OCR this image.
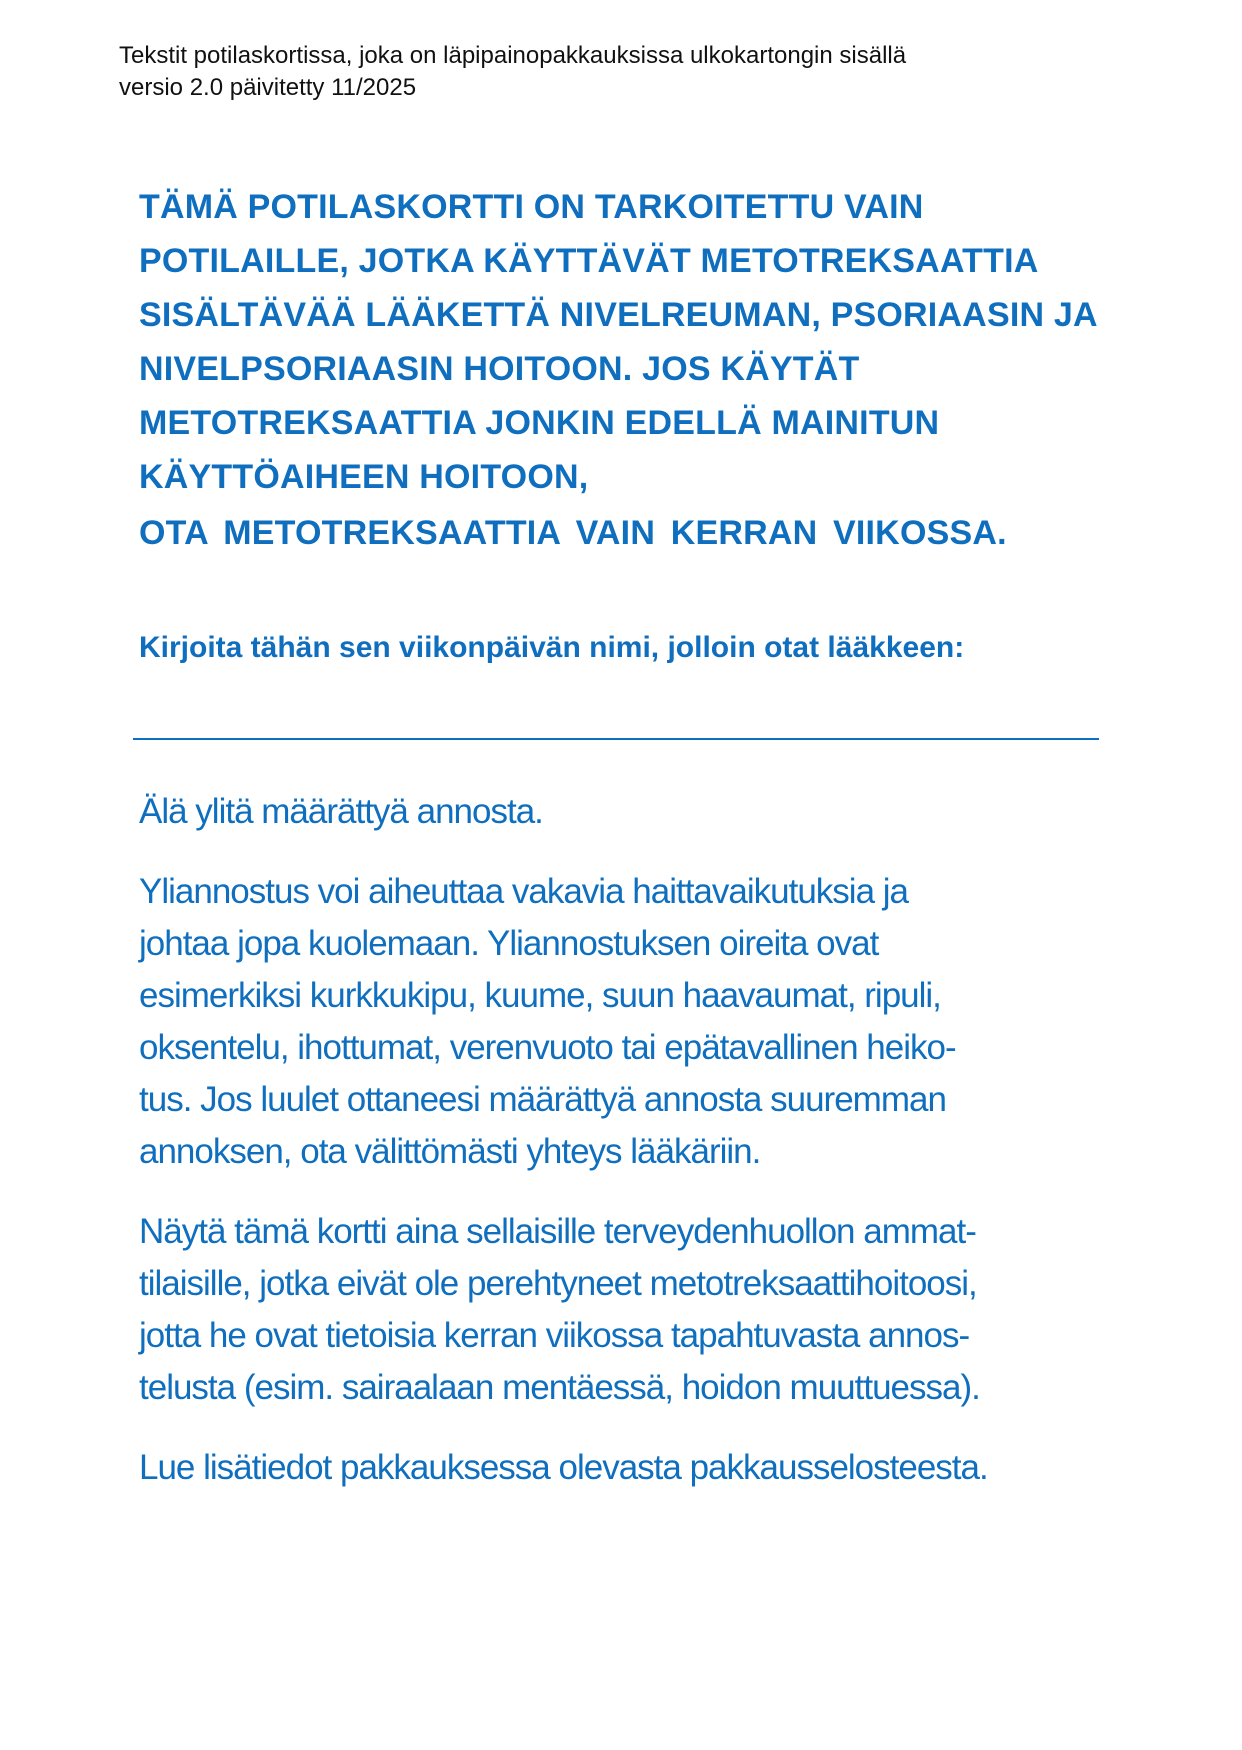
Tekstit potilaskortissa, joka on läpipainopakkauksissa ulkokartongin sisällä
versio 2.0 päivitetty 11/2025
TÄMÄ POTILASKORTTI ON TARKOITETTU VAIN
POTILAILLE, JOTKA KÄYTTÄVÄT METOTREKSAATTIA
SISÄLTÄVÄÄ LÄÄKETTÄ NIVELREUMAN, PSORIAASIN JA
NIVELPSORIAASIN HOITOON. JOS KÄYTÄT
METOTREKSAATTIA JONKIN EDELLÄ MAINITUN
KÄYTTÖAIHEEN HOITOON,
OTA METOTREKSAATTIA VAIN KERRAN VIIKOSSA.
Kirjoita tähän sen viikonpäivän nimi, jolloin otat lääkkeen:

Älä ylitä määrättyä annosta.

Yliannostus voi aiheuttaa vakavia haittavaikutuksia ja
johtaa jopa kuolemaan. Yliannostuksen oireita ovat
esimerkiksi kurkkukipu, kuume, suun haavaumat, ripuli,
oksentelu, ihottumat, verenvuoto tai epätavallinen heiko-
tus. Jos luulet ottaneesi määrättyä annosta suuremman
annoksen, ota välittömästi yhteys lääkäriin.

Näytä tämä kortti aina sellaisille terveydenhuollon ammat-
tilaisille, jotka eivät ole perehtyneet metotreksaattihoitoosi,
jotta he ovat tietoisia kerran viikossa tapahtuvasta annos-
telusta (esim. sairaalaan mentäessä, hoidon muuttuessa).

Lue lisätiedot pakkauksessa olevasta pakkausselosteesta.
